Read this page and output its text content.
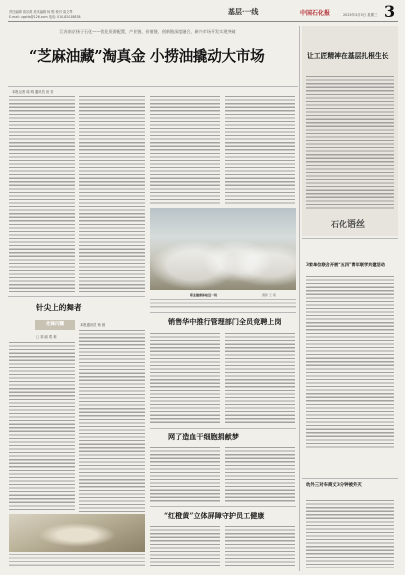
责任编辑 周乐燕 美术编辑 杨 程 校对 周文琴
E-mail: zgshb@126.com 电话: 010-82018838
基层·一线	中国石化报	2025年3月5日 星期三 3
江苏南京扬子石化——优化资源配置，产业链、价值链、创新链深度融合，新兴市场开发实现突破
“芝麻油藏”淘真金 小捞油撬动大市场
本报记者 周 明 通讯员 田 芳
职业健康体检进一线	摄影 王 刚
针尖上的舞者
先锋闪耀
□ 刘 丽 郑 莉
本报通讯员 杨 晨	销售华中推行管理部门全员竞聘上岗
网了造血干细胞捐献梦
“红橙黄”立体屏障守护员工健康
让工匠精神在基层扎根生长
石化语丝
3家单位联合开展“五四”青年联学共建活动
幼外三对车商丈3分钟被外灭
